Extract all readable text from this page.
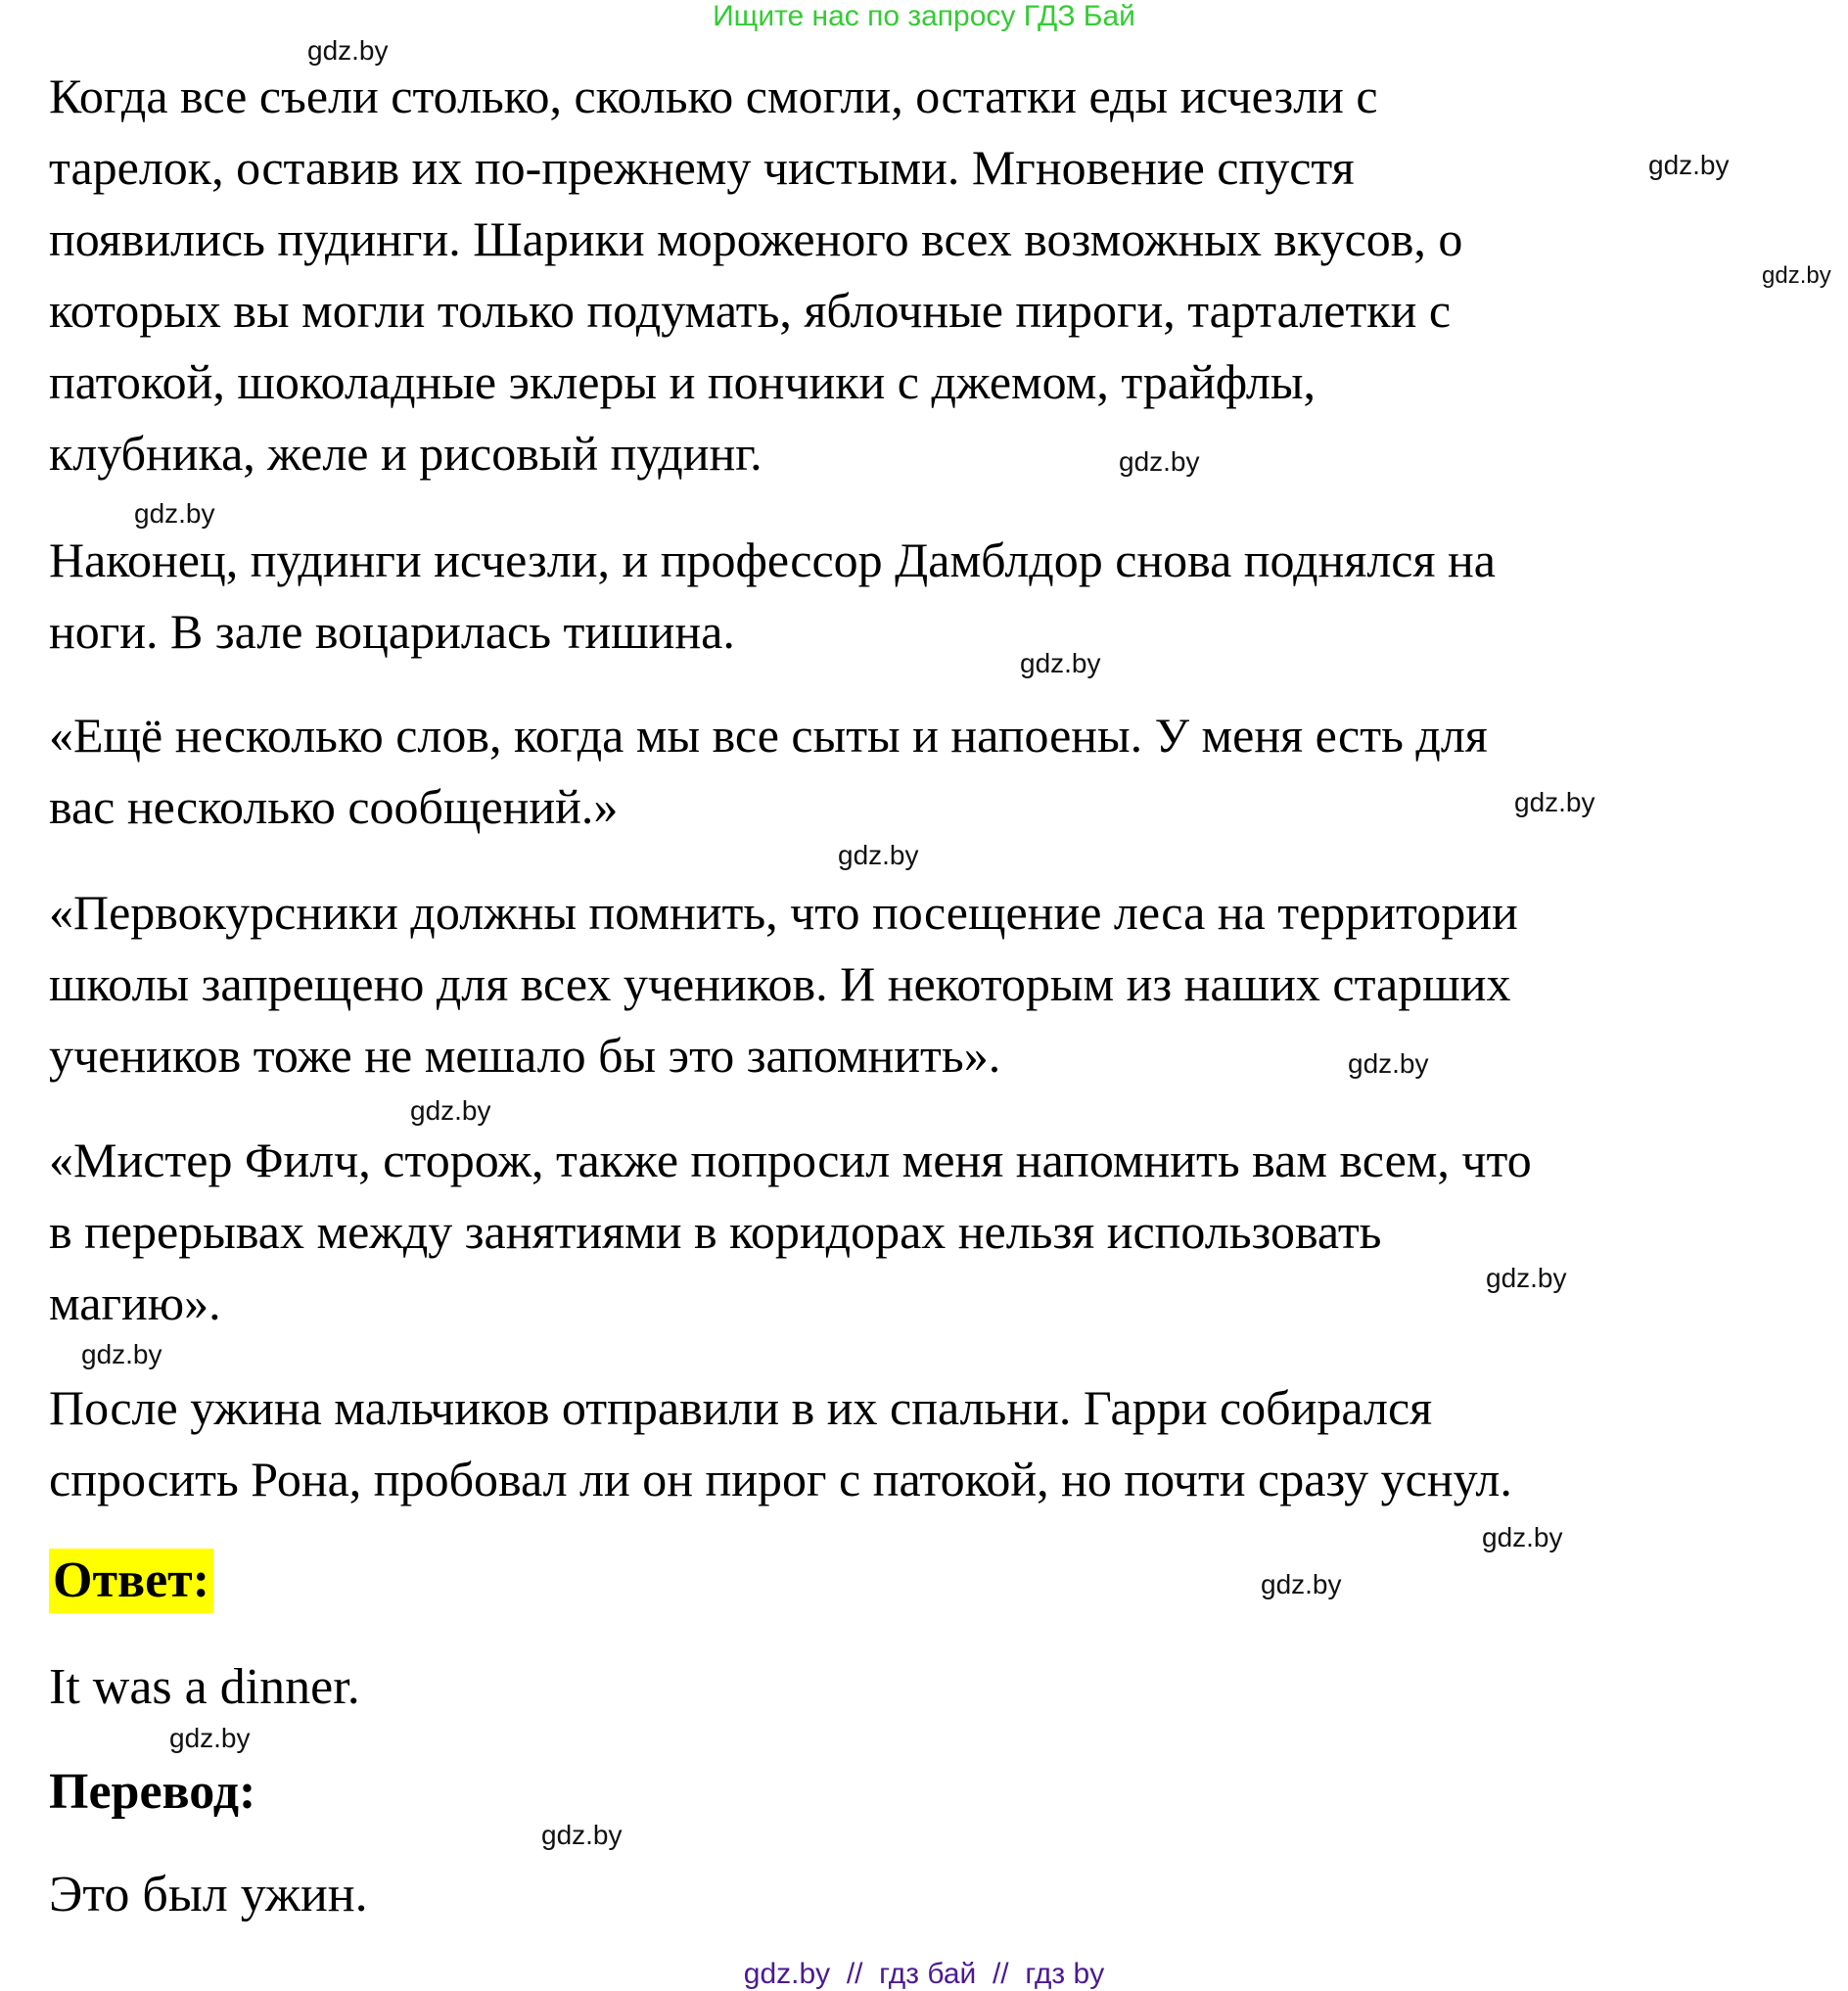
Ищите нас по запросу ГДЗ Бай
Когда все съели столько, сколько смогли, остатки еды исчезли с
тарелок, оставив их по-прежнему чистыми. Мгновение спустя
появились пудинги. Шарики мороженого всех возможных вкусов, о
которых вы могли только подумать, яблочные пироги, тарталетки с
патокой, шоколадные эклеры и пончики с джемом, трайфлы,
клубника, желе и рисовый пудинг.
Наконец, пудинги исчезли, и профессор Дамблдор снова поднялся на
ноги. В зале воцарилась тишина.
«Ещё несколько слов, когда мы все сыты и напоены. У меня есть для
вас несколько сообщений.»
«Первокурсники должны помнить, что посещение леса на территории
школы запрещено для всех учеников. И некоторым из наших старших
учеников тоже не мешало бы это запомнить».
«Мистер Филч, сторож, также попросил меня напомнить вам всем, что
в перерывах между занятиями в коридорах нельзя использовать
магию».
После ужина мальчиков отправили в их спальни. Гарри собирался
спросить Рона, пробовал ли он пирог с патокой, но почти сразу уснул.
Ответ:
It was a dinner.
Перевод:
Это был ужин.
gdz.by
gdz.by
gdz.by
gdz.by
gdz.by
gdz.by
gdz.by
gdz.by
gdz.by
gdz.by
gdz.by
gdz.by
gdz.by
gdz.by
gdz.by
gdz.by
gdz.by  //  гдз бай  //  гдз by
